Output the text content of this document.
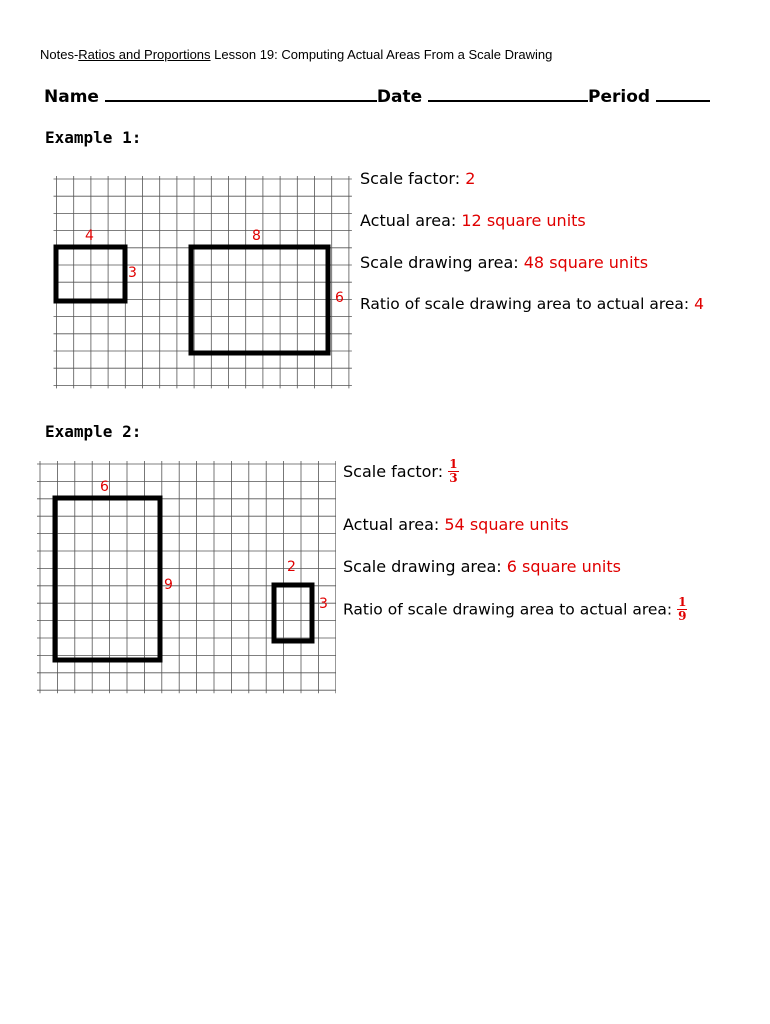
Notes-Ratios and Proportions Lesson 19: Computing Actual Areas From a Scale Drawing
Name	Date	Period
Example 1:
4
3
8
6
Scale factor: 2
Actual area: 12 square units
Scale drawing area: 48 square units
Ratio of scale drawing area to actual area: 4
Example 2:
6
9
2
3
Scale factor: $\frac{1}{3}$
Actual area: 54 square units
Scale drawing area: 6 square units
Ratio of scale drawing area to actual area: $\frac{1}{9}$
